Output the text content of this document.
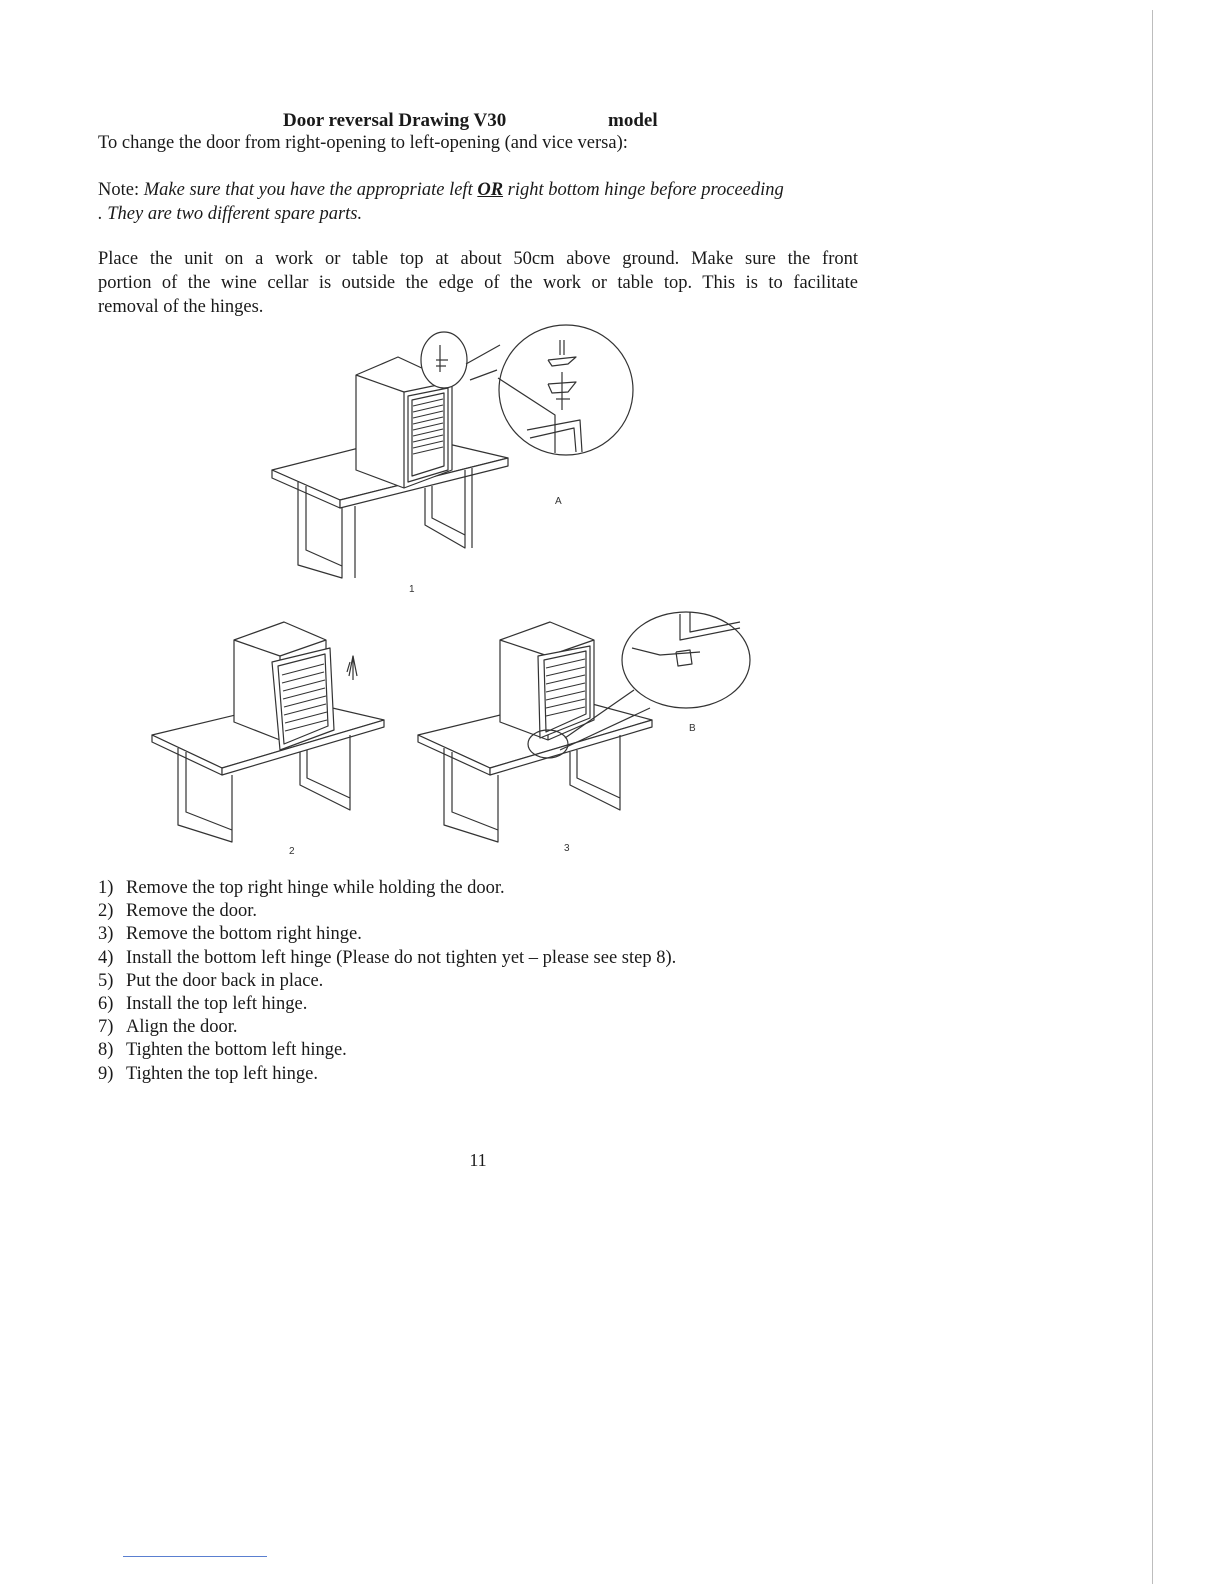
Door reversal Drawing V30	model
To change the door from right-opening to left-opening (and vice versa):
Note: Make sure that you have the appropriate left OR right bottom hinge before proceeding
. They are two different spare parts.
Place the unit on a work or table top at about 50cm above ground. Make sure the front
portion of the wine cellar is outside the edge of the work or table top. This is to facilitate
removal of the hinges.
A
1
B
2	3
1) Remove the top right hinge while holding the door.
2) Remove the door.
3) Remove the bottom right hinge.
4) Install the bottom left hinge (Please do not tighten yet – please see step 8).
5) Put the door back in place.
6) Install the top left hinge.
7) Align the door.
8) Tighten the bottom left hinge.
9) Tighten the top left hinge.
11
